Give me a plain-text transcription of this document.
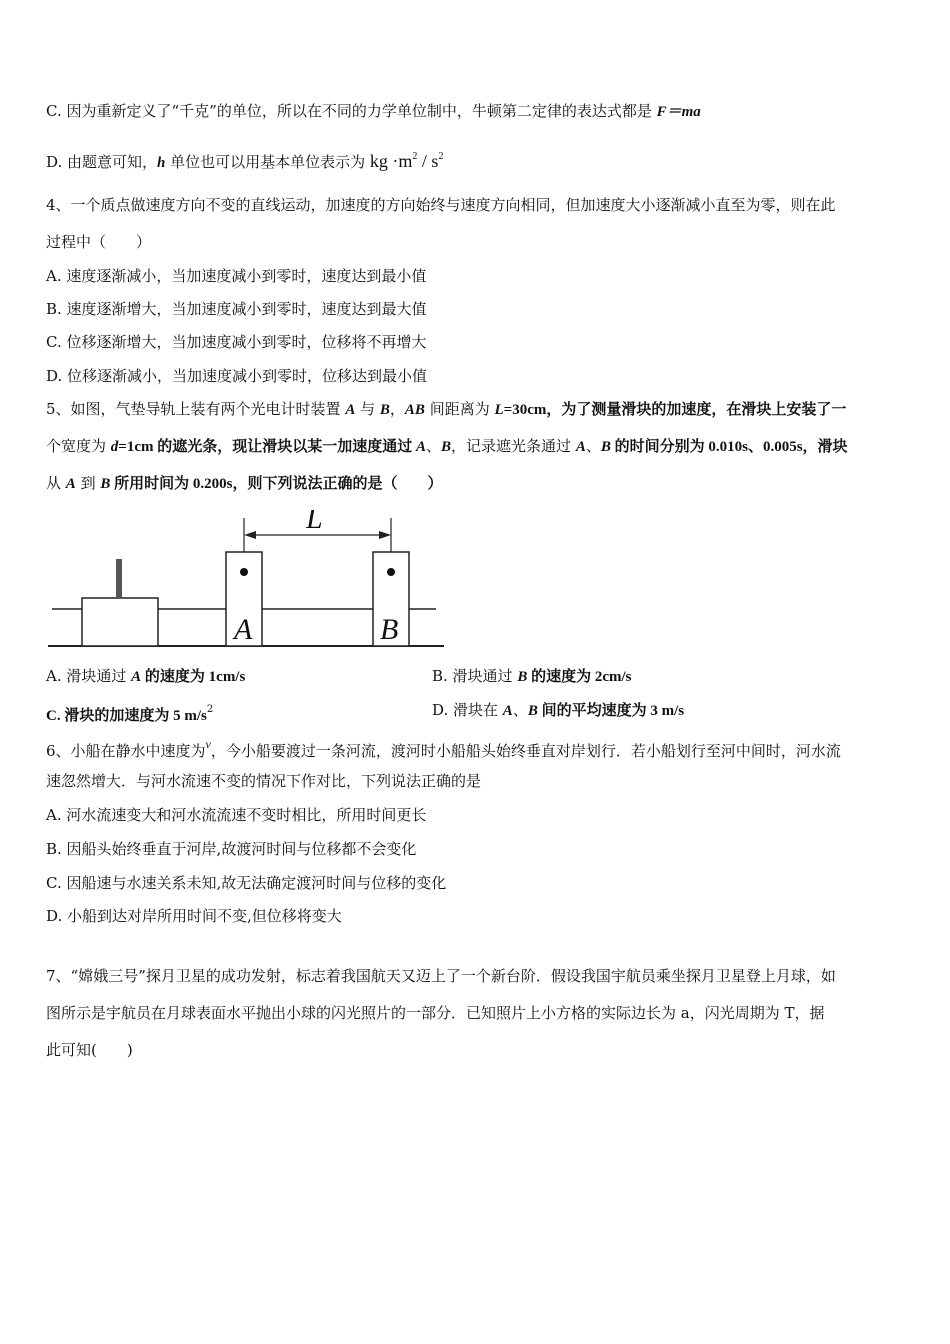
C. 因为重新定义了“千克”的单位，所以在不同的力学单位制中，牛顿第二定律的表达式都是 F＝ma
D. 由题意可知，h 单位也可以用基本单位表示为 kg $\cdot m^2 / s^2$
4、一个质点做速度方向不变的直线运动，加速度的方向始终与速度方向相同，但加速度大小逐渐减小直至为零，则在此
过程中（　　）
A. 速度逐渐减小，当加速度减小到零时，速度达到最小值
B. 速度逐渐增大，当加速度减小到零时，速度达到最大值
C. 位移逐渐增大，当加速度减小到零时，位移将不再增大
D. 位移逐渐减小，当加速度减小到零时，位移达到最小值
5、如图，气垫导轨上装有两个光电计时装置 A 与 B，AB 间距离为 L=30cm，为了测量滑块的加速度，在滑块上安装了一
个宽度为 d=1cm 的遮光条，现让滑块以某一加速度通过 A、B，记录遮光条通过 A、B 的时间分别为 0.010s、0.005s，滑块
从 A 到 B 所用时间为 0.200s，则下列说法正确的是（　　）
L
A	B
A. 滑块通过 A 的速度为 1cm/s	B. 滑块通过 B 的速度为 2cm/s
C. 滑块的加速度为 5 $m/s^2$	D. 滑块在 A、B 间的平均速度为 3 m/s
6、小船在静水中速度为$^v$，今小船要渡过一条河流，渡河时小船船头始终垂直对岸划行．若小船划行至河中间时，河水流
速忽然增大．与河水流速不变的情况下作对比，下列说法正确的是
A. 河水流速变大和河水流流速不变时相比，所用时间更长
B. 因船头始终垂直于河岸,故渡河时间与位移都不会变化
C. 因船速与水速关系未知,故无法确定渡河时间与位移的变化
D. 小船到达对岸所用时间不变,但位移将变大
7、“嫦娥三号”探月卫星的成功发射，标志着我国航天又迈上了一个新台阶．假设我国宇航员乘坐探月卫星登上月球，如
图所示是宇航员在月球表面水平抛出小球的闪光照片的一部分．已知照片上小方格的实际边长为 a，闪光周期为 T，据
此可知(　　)
